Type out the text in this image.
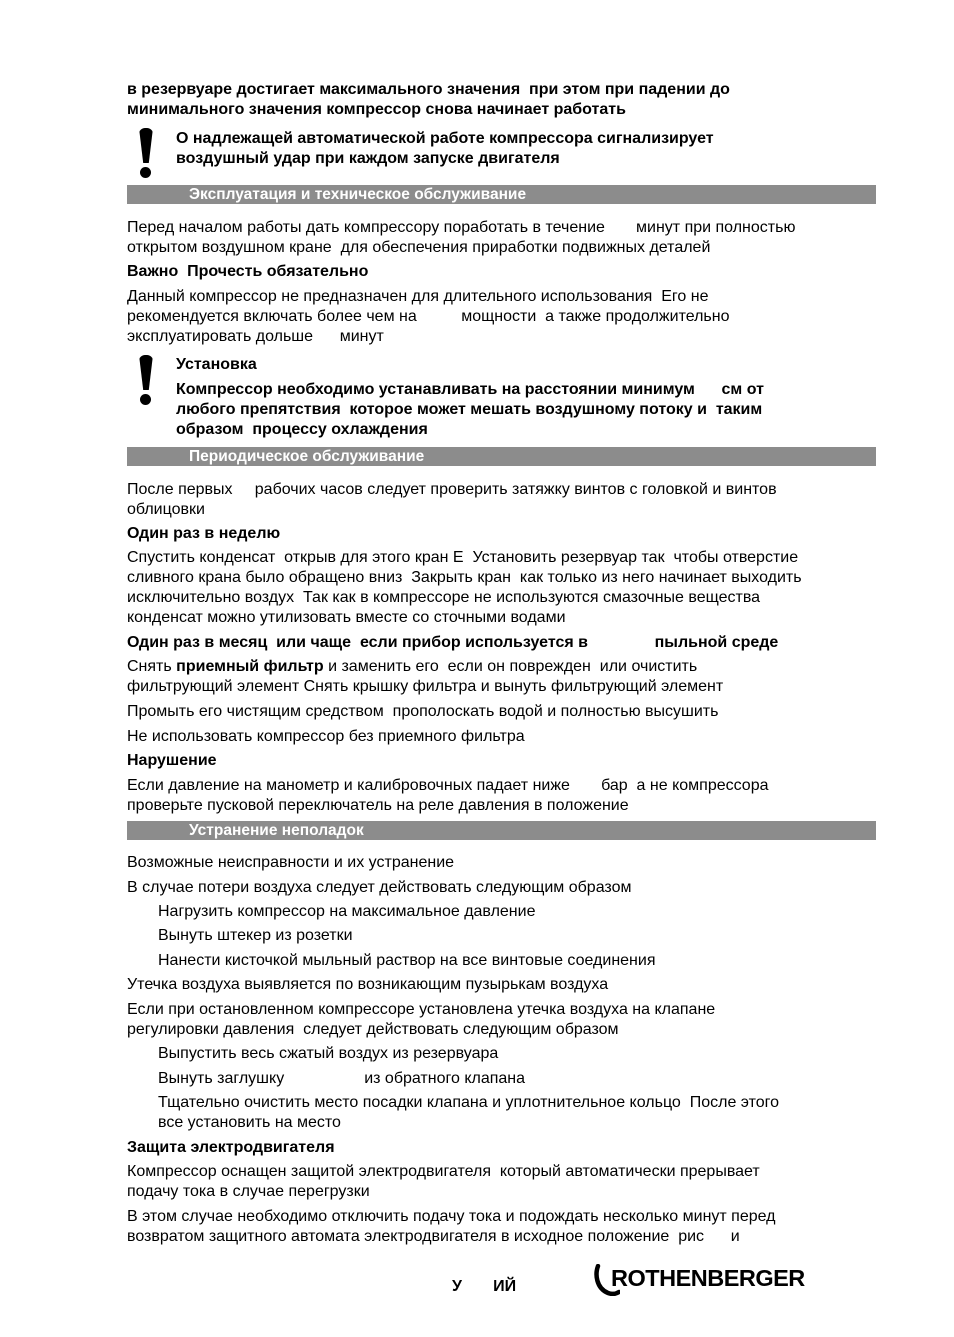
в резервуаре достигает максимального значения  при этом при падении до
минимального значения компрессор снова начинает работать
О надлежащей автоматической работе компрессора сигнализирует
воздушный удар при каждом запуске двигателя
Эксплуатация и техническое обслуживание
Перед началом работы дать компрессору поработать в течение       минут при полностью
открытом воздушном кране  для обеспечения приработки подвижных деталей
Важно  Прочесть обязательно
Данный компрессор не предназначен для длительного использования  Его не
рекомендуется включать более чем на          мощности  а также продолжительно
эксплуатировать дольше      минут
Установка
Компрессор необходимо устанавливать на расстоянии минимум      см от
любого препятствия  которое может мешать воздушному потоку и  таким
образом  процессу охлаждения
Периодическое обслуживание
После первых     рабочих часов следует проверить затяжку винтов с головкой и винтов
облицовки
Один раз в неделю
Спустить конденсат  открыв для этого кран E  Установить резервуар так  чтобы отверстие
сливного крана было обращено вниз  Закрыть кран  как только из него начинает выходить
исключительно воздух  Так как в компрессоре не используются смазочные вещества
конденсат можно утилизовать вместе со сточными водами
Один раз в месяц  или чаще  если прибор используется в               пыльной среде
Снять приемный фильтр и заменить его  если он поврежден  или очистить
фильтрующий элемент Снять крышку фильтра и вынуть фильтрующий элемент
Промыть его чистящим средством  прополоскать водой и полностью высушить
Не использовать компрессор без приемного фильтра
Нарушение
Если давление на манометр и калибровочных падает ниже       бар  а не компрессора
проверьте пусковой переключатель на реле давления в положение
Устранение неполадок
Возможные неисправности и их устранение
В случае потери воздуха следует действовать следующим образом
Нагрузить компрессор на максимальное давление
Вынуть штекер из розетки
Нанести кисточкой мыльный раствор на все винтовые соединения
Утечка воздуха выявляется по возникающим пузырькам воздуха
Если при остановленном компрессоре установлена утечка воздуха на клапане
регулировки давления  следует действовать следующим образом
Выпустить весь сжатый воздух из резервуара
Вынуть заглушку                  из обратного клапана
Тщательно очистить место посадки клапана и уплотнительное кольцо  После этого
все установить на место
Защита электродвигателя
Компрессор оснащен защитой электродвигателя  который автоматически прерывает
подачу тока в случае перегрузки
В этом случае необходимо отключить подачу тока и подождать несколько минут перед
возвратом защитного автомата электродвигателя в исходное положение  рис      и
У       ИЙ	ROTHENBERGER
